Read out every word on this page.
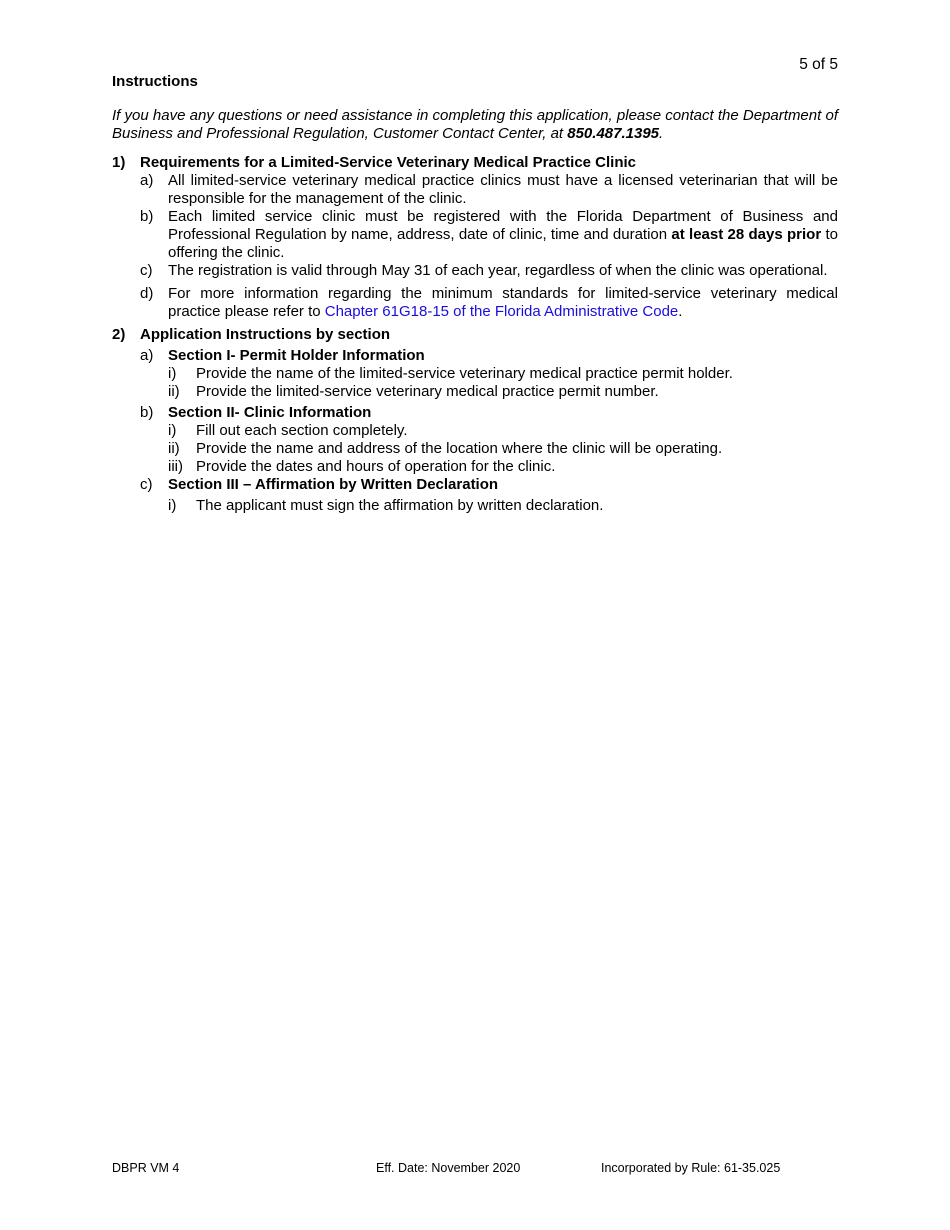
5 of 5
Instructions

If you have any questions or need assistance in completing this application, please contact the Department of Business and Professional Regulation, Customer Contact Center, at 850.487.1395.

1) Requirements for a Limited-Service Veterinary Medical Practice Clinic
a) All limited-service veterinary medical practice clinics must have a licensed veterinarian that will be responsible for the management of the clinic.
b) Each limited service clinic must be registered with the Florida Department of Business and Professional Regulation by name, address, date of clinic, time and duration at least 28 days prior to offering the clinic.
c) The registration is valid through May 31 of each year, regardless of when the clinic was operational.
d) For more information regarding the minimum standards for limited-service veterinary medical practice please refer to Chapter 61G18-15 of the Florida Administrative Code.
2) Application Instructions by section
a) Section I- Permit Holder Information
i) Provide the name of the limited-service veterinary medical practice permit holder.
ii) Provide the limited-service veterinary medical practice permit number.
b) Section II- Clinic Information
i) Fill out each section completely.
ii) Provide the name and address of the location where the clinic will be operating.
iii) Provide the dates and hours of operation for the clinic.
c) Section III – Affirmation by Written Declaration
i) The applicant must sign the affirmation by written declaration.
DBPR VM 4	Eff. Date: November 2020	Incorporated by Rule: 61-35.025
